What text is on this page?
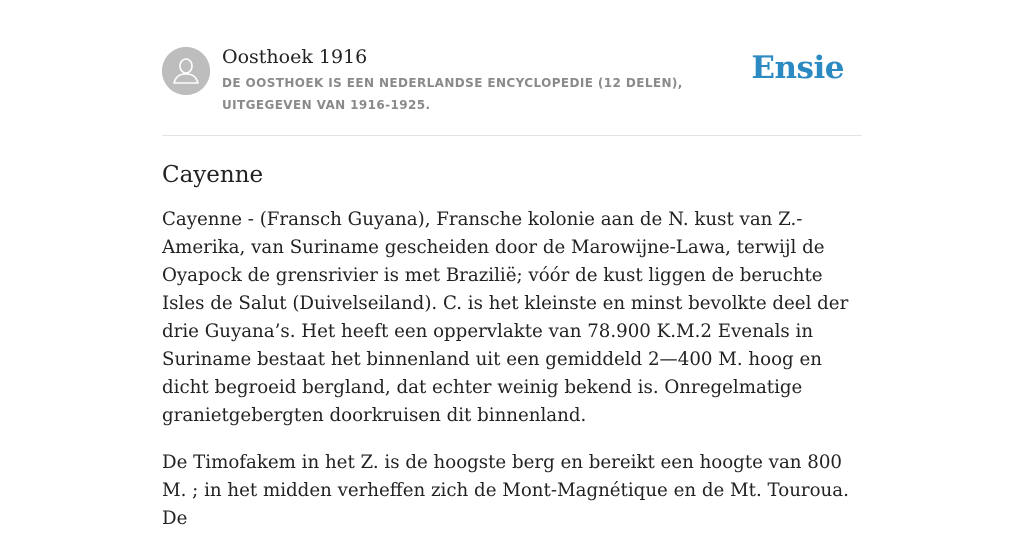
Oosthoek 1916
DE OOSTHOEK IS EEN NEDERLANDSE ENCYCLOPEDIE (12 DELEN), UITGEGEVEN VAN 1916-1925.
Ensie
Cayenne

Cayenne - (Fransch Guyana), Fransche kolonie aan de N. kust van Z.-Amerika, van Suriname gescheiden door de Marowijne-Lawa, terwijl de Oyapock de grensrivier is met Brazilië; vóór de kust liggen de beruchte Isles de Salut (Duivelseiland). C. is het kleinste en minst bevolkte deel der drie Guyana’s. Het heeft een oppervlakte van 78.900 K.M.2 Evenals in Suriname bestaat het binnenland uit een gemiddeld 2—400 M. hoog en dicht begroeid bergland, dat echter weinig bekend is. Onregelmatige granietgebergten doorkruisen dit binnenland.

De Timofakem in het Z. is de hoogste berg en bereikt een hoogte van 800 M. ; in het midden verheffen zich de Mont-Magnétique en de Mt. Touroua. De
